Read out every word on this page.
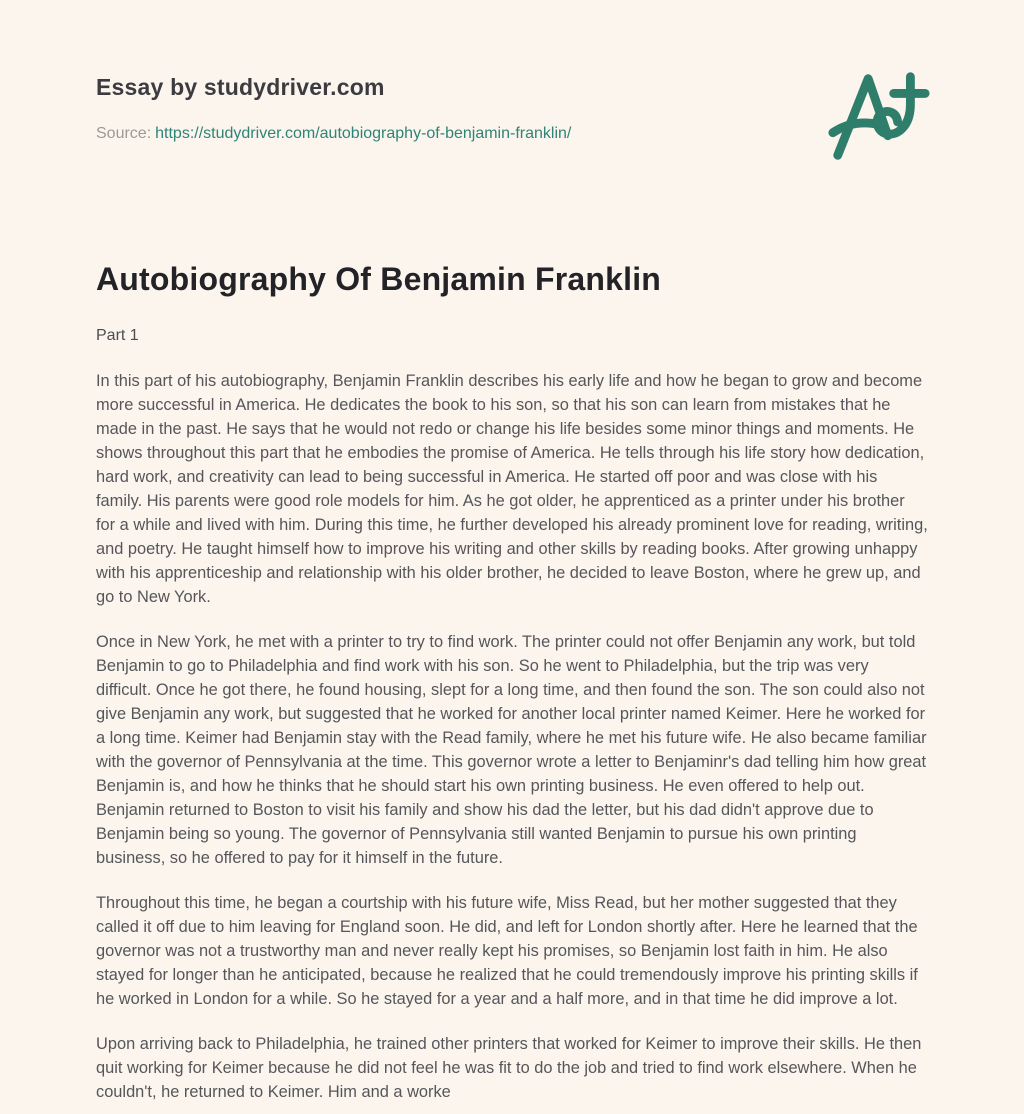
Essay by studydriver.com
Source: https://studydriver.com/autobiography-of-benjamin-franklin/
Autobiography Of Benjamin Franklin
Part 1

In this part of his autobiography, Benjamin Franklin describes his early life and how he began to grow and become more successful in America. He dedicates the book to his son, so that his son can learn from mistakes that he made in the past. He says that he would not redo or change his life besides some minor things and moments. He shows throughout this part that he embodies the promise of America. He tells through his life story how dedication, hard work, and creativity can lead to being successful in America. He started off poor and was close with his family. His parents were good role models for him. As he got older, he apprenticed as a printer under his brother for a while and lived with him. During this time, he further developed his already prominent love for reading, writing, and poetry. He taught himself how to improve his writing and other skills by reading books. After growing unhappy with his apprenticeship and relationship with his older brother, he decided to leave Boston, where he grew up, and go to New York.

Once in New York, he met with a printer to try to find work. The printer could not offer Benjamin any work, but told Benjamin to go to Philadelphia and find work with his son. So he went to Philadelphia, but the trip was very difficult. Once he got there, he found housing, slept for a long time, and then found the son. The son could also not give Benjamin any work, but suggested that he worked for another local printer named Keimer. Here he worked for a long time. Keimer had Benjamin stay with the Read family, where he met his future wife. He also became familiar with the governor of Pennsylvania at the time. This governor wrote a letter to Benjaminr's dad telling him how great Benjamin is, and how he thinks that he should start his own printing business. He even offered to help out. Benjamin returned to Boston to visit his family and show his dad the letter, but his dad didn't approve due to Benjamin being so young. The governor of Pennsylvania still wanted Benjamin to pursue his own printing business, so he offered to pay for it himself in the future.

Throughout this time, he began a courtship with his future wife, Miss Read, but her mother suggested that they called it off due to him leaving for England soon. He did, and left for London shortly after. Here he learned that the governor was not a trustworthy man and never really kept his promises, so Benjamin lost faith in him. He also stayed for longer than he anticipated, because he realized that he could tremendously improve his printing skills if he worked in London for a while. So he stayed for a year and a half more, and in that time he did improve a lot.

Upon arriving back to Philadelphia, he trained other printers that worked for Keimer to improve their skills. He then quit working for Keimer because he did not feel he was fit to do the job and tried to find work elsewhere. When he couldn't, he returned to Keimer. Him and a worke
